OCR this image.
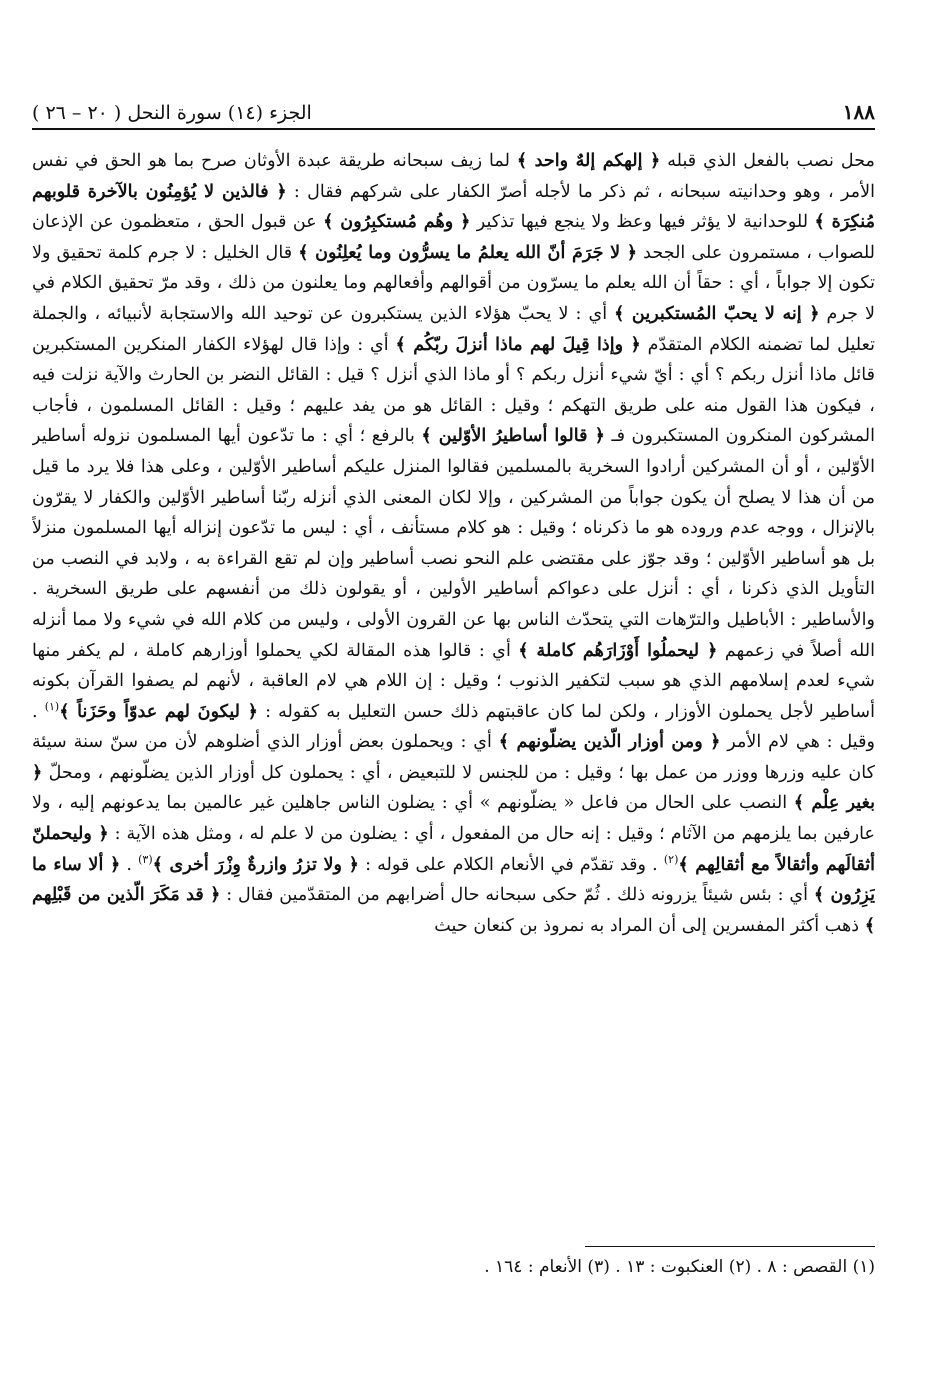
١٨٨
الجزء (١٤) سورة النحل ( ٢٠ – ٢٦ )
محل نصب بالفعل الذي قبله ﴿ إلهكم إلهٌ واحد ﴾ لما زيف سبحانه طريقة عبدة الأوثان صرح بما هو الحق في نفس الأمر ، وهو وحدانيته سبحانه ، ثم ذكر ما لأجله أصرّ الكفار على شركهم فقال : ﴿ فالذين لا يُؤمِنُون بالآخرة قلوبهم مُنكِرَة ﴾ للوحدانية لا يؤثر فيها وعظ ولا ينجع فيها تذكير ﴿ وهُم مُستكبِرُون ﴾ عن قبول الحق ، متعظمون عن الإذعان للصواب ، مستمرون على الجحد ﴿ لا جَرَمَ أنّ الله يعلمُ ما يسرُّون وما يُعلِنُون ﴾ قال الخليل : لا جرم كلمة تحقيق ولا تكون إلا جواباً ، أي : حقاً أن الله يعلم ما يسرّون من أقوالهم وأفعالهم وما يعلنون من ذلك ، وقد مرّ تحقيق الكلام في لا جرم ﴿ إنه لا يحبّ المُستكبرين ﴾ أي : لا يحبّ هؤلاء الذين يستكبرون عن توحيد الله والاستجابة لأنبيائه ، والجملة تعليل لما تضمنه الكلام المتقدّم ﴿ وإذا قِيلَ لهم ماذا أنزلَ ربّكُم ﴾ أي : وإذا قال لهؤلاء الكفار المنكرين المستكبرين قائل ماذا أنزل ربكم ؟ أي : أيّ شيء أنزل ربكم ؟ أو ماذا الذي أنزل ؟ قيل : القائل النضر بن الحارث والآية نزلت فيه ، فيكون هذا القول منه على طريق التهكم ؛ وقيل : القائل هو من يفد عليهم ؛ وقيل : القائل المسلمون ، فأجاب المشركون المنكرون المستكبرون فـ ﴿ قالوا أساطيرُ الأوّلين ﴾ بالرفع ؛ أي : ما تدّعون أيها المسلمون نزوله أساطير الأوّلين ، أو أن المشركين أرادوا السخرية بالمسلمين فقالوا المنزل عليكم أساطير الأوّلين ، وعلى هذا فلا يرد ما قيل من أن هذا لا يصلح أن يكون جواباً من المشركين ، وإلا لكان المعنى الذي أنزله ربّنا أساطير الأوّلين والكفار لا يقرّون بالإنزال ، ووجه عدم وروده هو ما ذكرناه ؛ وقيل : هو كلام مستأنف ، أي : ليس ما تدّعون إنزاله أيها المسلمون منزلاً بل هو أساطير الأوّلين ؛ وقد جوّز على مقتضى علم النحو نصب أساطير وإن لم تقع القراءة به ، ولابد في النصب من التأويل الذي ذكرنا ، أي : أنزل على دعواكم أساطير الأولين ، أو يقولون ذلك من أنفسهم على طريق السخرية . والأساطير : الأباطيل والترّهات التي يتحدّث الناس بها عن القرون الأولى ، وليس من كلام الله في شيء ولا مما أنزله الله أصلاً في زعمهم ﴿ ليحملُوا أَوْزَارَهُم كاملة ﴾ أي : قالوا هذه المقالة لكي يحملوا أوزارهم كاملة ، لم يكفر منها شيء لعدم إسلامهم الذي هو سبب لتكفير الذنوب ؛ وقيل : إن اللام هي لام العاقبة ، لأنهم لم يصفوا القرآن بكونه أساطير لأجل يحملون الأوزار ، ولكن لما كان عاقبتهم ذلك حسن التعليل به كقوله : ﴿ ليكونَ لهم عدوّاً وحَزَناً ﴾$^{(١)}$ . وقيل : هي لام الأمر ﴿ ومن أوزار الّذين يضلّونهم ﴾ أي : ويحملون بعض أوزار الذي أضلوهم لأن من سنّ سنة سيئة كان عليه وزرها ووزر من عمل بها ؛ وقيل : من للجنس لا للتبعيض ، أي : يحملون كل أوزار الذين يضلّونهم ، ومحلّ ﴿ بغير عِلْم ﴾ النصب على الحال من فاعل « يضلّونهم » أي : يضلون الناس جاهلين غير عالمين بما يدعونهم إليه ، ولا عارفين بما يلزمهم من الآثام ؛ وقيل : إنه حال من المفعول ، أي : يضلون من لا علم له ، ومثل هذه الآية : ﴿ وليحملنّ أثقالَهم وأثقالاً مع أثقالِهم ﴾$^{(٢)}$ . وقد تقدّم في الأنعام الكلام على قوله : ﴿ ولا تزرُ وازرةٌ وِزْرَ أخرى ﴾$^{(٣)}$ . ﴿ ألا ساء ما يَزِرُون ﴾ أي : بئس شيئاً يزرونه ذلك . ثُمّ حكى سبحانه حال أضرابهم من المتقدّمين فقال : ﴿ قد مَكَرَ الّذين من قَبْلِهم ﴾ ذهب أكثر المفسرين إلى أن المراد به نمروذ بن كنعان حيث
(١) القصص : ٨ . (٢) العنكبوت : ١٣ . (٣) الأنعام : ١٦٤ .
